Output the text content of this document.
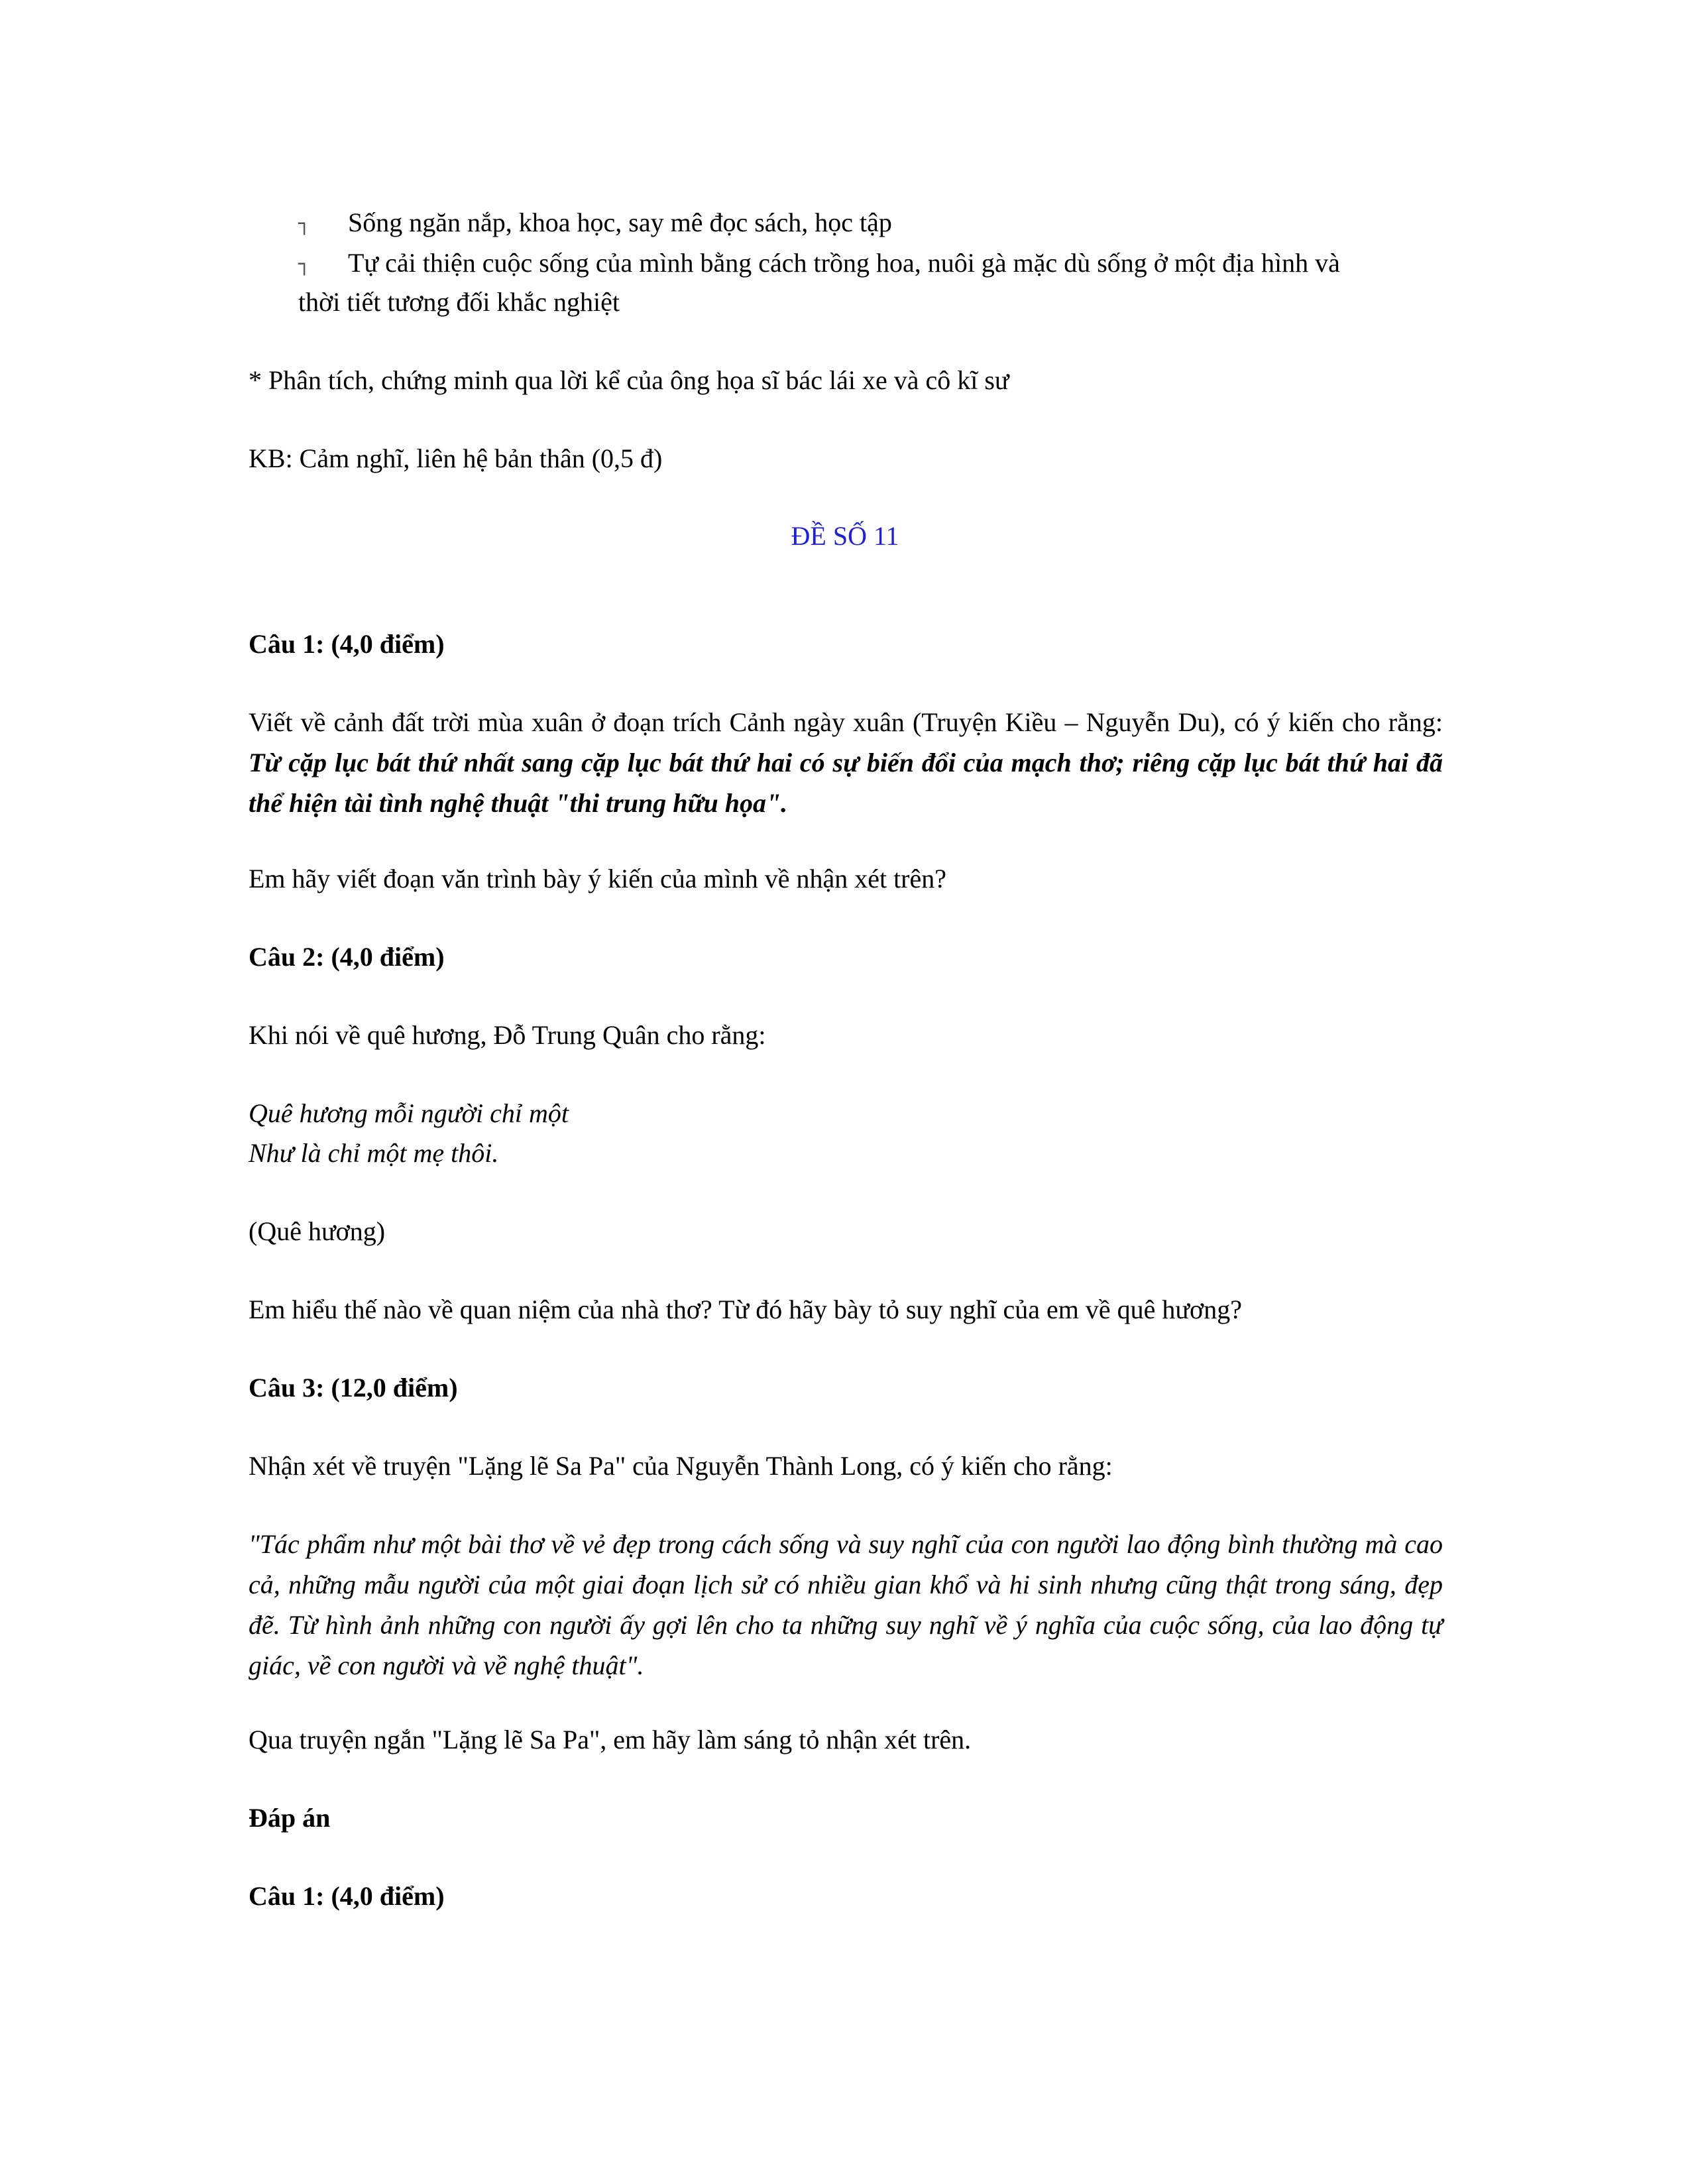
┐ Sống ngăn nắp, khoa học, say mê đọc sách, học tập

┐ Tự cải thiện cuộc sống của mình bằng cách trồng hoa, nuôi gà mặc dù sống ở một địa hình và

thời tiết tương đối khắc nghiệt

* Phân tích, chứng minh qua lời kể của ông họa sĩ bác lái xe và cô kĩ sư

KB: Cảm nghĩ, liên hệ bản thân (0,5 đ)

ĐỀ SỐ 11

Câu 1: (4,0 điểm)

Viết về cảnh đất trời mùa xuân ở đoạn trích Cảnh ngày xuân (Truyện Kiều – Nguyễn Du), có ý kiến cho rằng: Từ cặp lục bát thứ nhất sang cặp lục bát thứ hai có sự biến đổi của mạch thơ; riêng cặp lục bát thứ hai đã thể hiện tài tình nghệ thuật "thi trung hữu họa".

Em hãy viết đoạn văn trình bày ý kiến của mình về nhận xét trên?

Câu 2: (4,0 điểm)

Khi nói về quê hương, Đỗ Trung Quân cho rằng:

Quê hương mỗi người chỉ một

Như là chỉ một mẹ thôi.

(Quê hương)

Em hiểu thế nào về quan niệm của nhà thơ? Từ đó hãy bày tỏ suy nghĩ của em về quê hương?

Câu 3: (12,0 điểm)

Nhận xét về truyện "Lặng lẽ Sa Pa" của Nguyễn Thành Long, có ý kiến cho rằng:

"Tác phẩm như một bài thơ về vẻ đẹp trong cách sống và suy nghĩ của con người lao động bình thường mà cao cả, những mẫu người của một giai đoạn lịch sử có nhiều gian khổ và hi sinh nhưng cũng thật trong sáng, đẹp đẽ. Từ hình ảnh những con người ấy gợi lên cho ta những suy nghĩ về ý nghĩa của cuộc sống, của lao động tự giác, về con người và về nghệ thuật".

Qua truyện ngắn "Lặng lẽ Sa Pa", em hãy làm sáng tỏ nhận xét trên.

Đáp án

Câu 1: (4,0 điểm)
